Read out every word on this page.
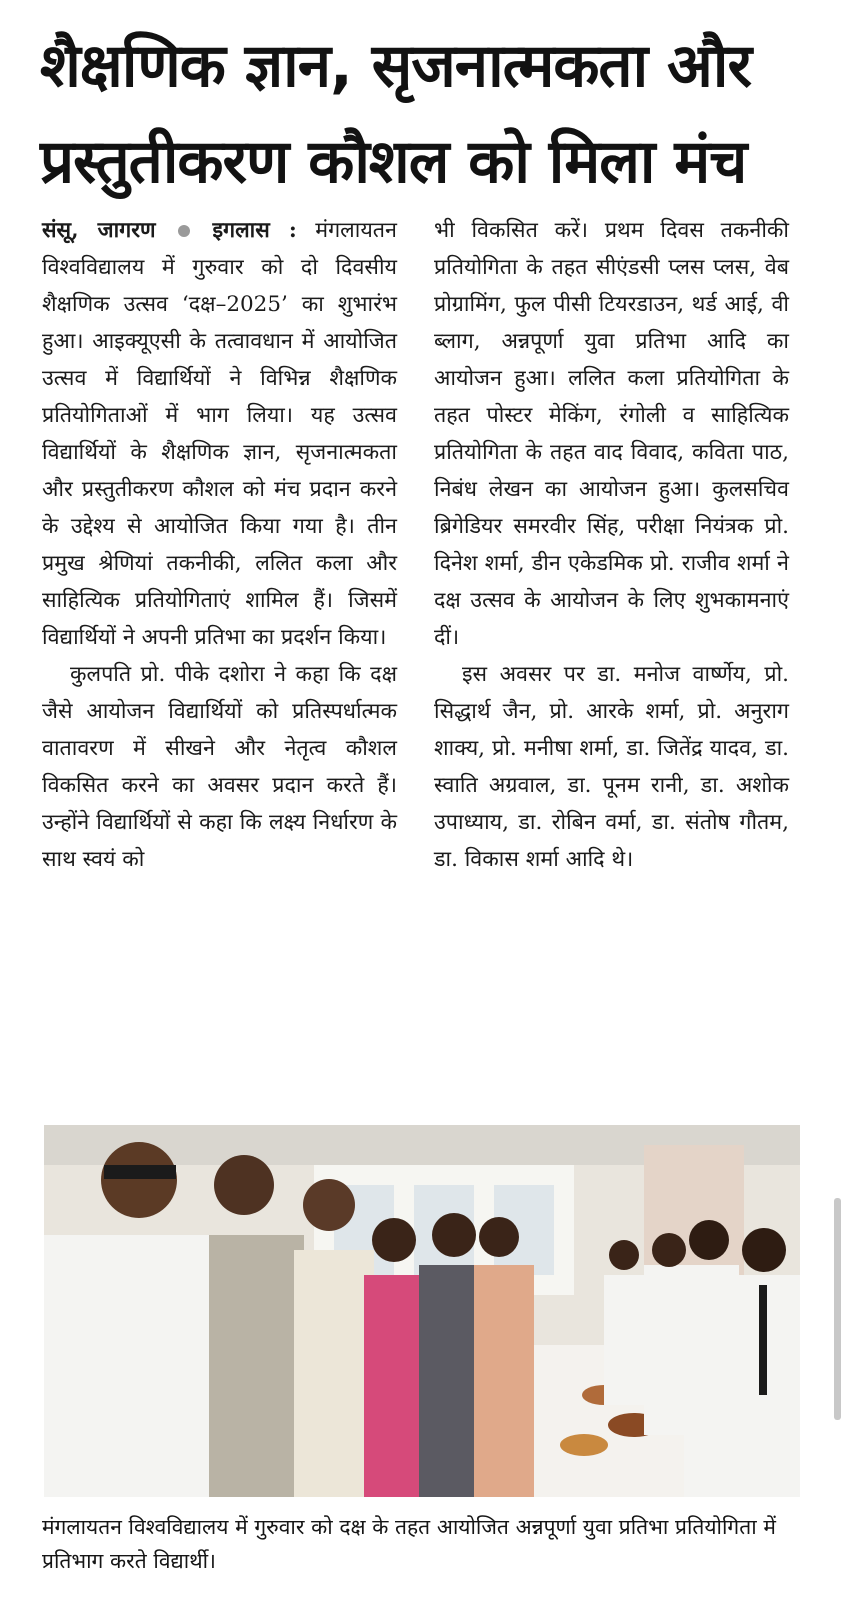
शैक्षणिक ज्ञान, सृजनात्मकता और
प्रस्तुतीकरण कौशल को मिला मंच

संसू, जागरण	इगलास : मंगलायतन विश्वविद्यालय में गुरुवार को दो दिवसीय शैक्षणिक उत्सव ‘दक्ष–2025’ का शुभारंभ हुआ। आइक्यूएसी के तत्वावधान में आयोजित उत्सव में विद्यार्थियों ने विभिन्न शैक्षणिक प्रतियोगिताओं में भाग लिया। यह उत्सव विद्यार्थियों के शैक्षणिक ज्ञान, सृजनात्मकता और प्रस्तुतीकरण कौशल को मंच प्रदान करने के उद्देश्य से आयोजित किया गया है। तीन प्रमुख श्रेणियां तकनीकी, ललित कला और साहित्यिक प्रतियोगिताएं शामिल हैं। जिसमें विद्यार्थियों ने अपनी प्रतिभा का प्रदर्शन किया।

कुलपति प्रो. पीके दशोरा ने कहा कि दक्ष जैसे आयोजन विद्यार्थियों को प्रतिस्पर्धात्मक वातावरण में सीखने और नेतृत्व कौशल विकसित करने का अवसर प्रदान करते हैं। उन्होंने विद्यार्थियों से कहा कि लक्ष्य निर्धारण के साथ स्वयं को

भी विकसित करें। प्रथम दिवस तकनीकी प्रतियोगिता के तहत सीएंडसी प्लस प्लस, वेब प्रोग्रामिंग, फुल पीसी टियरडाउन, थर्ड आई, वी ब्लाग, अन्नपूर्णा युवा प्रतिभा आदि का आयोजन हुआ। ललित कला प्रतियोगिता के तहत पोस्टर मेकिंग, रंगोली व साहित्यिक प्रतियोगिता के तहत वाद विवाद, कविता पाठ, निबंध लेखन का आयोजन हुआ। कुलसचिव ब्रिगेडियर समरवीर सिंह, परीक्षा नियंत्रक प्रो. दिनेश शर्मा, डीन एकेडमिक प्रो. राजीव शर्मा ने दक्ष उत्सव के आयोजन के लिए शुभकामनाएं दीं।

इस अवसर पर डा. मनोज वार्ष्णेय, प्रो. सिद्धार्थ जैन, प्रो. आरके शर्मा, प्रो. अनुराग शाक्य, प्रो. मनीषा शर्मा, डा. जितेंद्र यादव, डा. स्वाति अग्रवाल, डा. पूनम रानी, डा. अशोक उपाध्याय, डा. रोबिन वर्मा, डा. संतोष गौतम, डा. विकास शर्मा आदि थे।

मंगलायतन विश्वविद्यालय में गुरुवार को दक्ष के तहत आयोजित अन्नपूर्णा युवा प्रतिभा प्रतियोगिता में प्रतिभाग करते विद्यार्थी।
